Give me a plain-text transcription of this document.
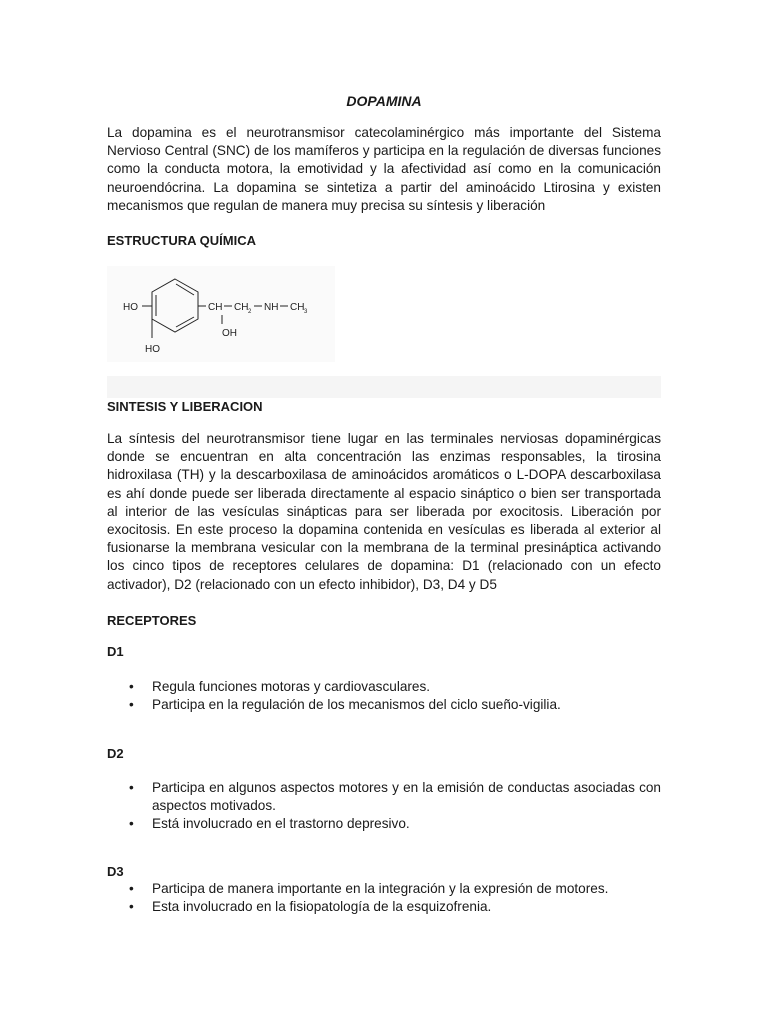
DOPAMINA

La dopamina es el neurotransmisor catecolaminérgico más importante del Sistema Nervioso Central (SNC) de los mamíferos y participa en la regulación de diversas funciones como la conducta motora, la emotividad y la afectividad así como en la comunicación neuroendócrina. La dopamina se sintetiza a partir del aminoácido Ltirosina y existen mecanismos que regulan de manera muy precisa su síntesis y liberación

ESTRUCTURA QUÍMICA

HO
HO
CH CH 2 NH CH 3
OH

SINTESIS Y LIBERACION

La síntesis del neurotransmisor tiene lugar en las terminales nerviosas dopaminérgicas donde se encuentran en alta concentración las enzimas responsables, la tirosina hidroxilasa (TH) y la descarboxilasa de aminoácidos aromáticos o L-DOPA descarboxilasa es ahí donde puede ser liberada directamente al espacio sináptico o bien ser transportada al interior de las vesículas sinápticas para ser liberada por exocitosis. Liberación por exocitosis. En este proceso la dopamina contenida en vesículas es liberada al exterior al fusionarse la membrana vesicular con la membrana de la terminal presináptica activando los cinco tipos de receptores celulares de dopamina: D1 (relacionado con un efecto activador), D2 (relacionado con un efecto inhibidor), D3, D4 y D5

RECEPTORES

D1

• Regula funciones motoras y cardiovasculares.
• Participa en la regulación de los mecanismos del ciclo sueño-vigilia.

D2

• Participa en algunos aspectos motores y en la emisión de conductas asociadas con aspectos motivados.
• Está involucrado en el trastorno depresivo.

D3

• Participa de manera importante en la integración y la expresión de motores.
• Esta involucrado en la fisiopatología de la esquizofrenia.
